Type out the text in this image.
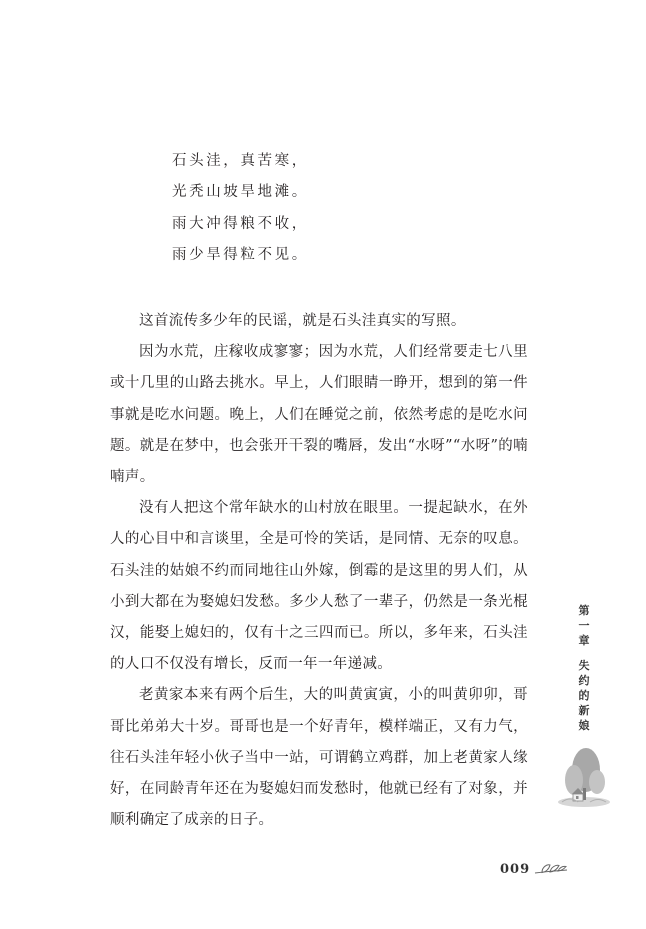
石头洼，真苦寒，
光秃山坡旱地滩。
雨大冲得粮不收，
雨少旱得粒不见。

这首流传多少年的民谣，就是石头洼真实的写照。

因为水荒，庄稼收成寥寥；因为水荒，人们经常要走七八里或十几里的山路去挑水。早上，人们眼睛一睁开，想到的第一件事就是吃水问题。晚上，人们在睡觉之前，依然考虑的是吃水问题。就是在梦中，也会张开干裂的嘴唇，发出“水呀”“水呀”的喃喃声。

没有人把这个常年缺水的山村放在眼里。一提起缺水，在外人的心目中和言谈里，全是可怜的笑话，是同情、无奈的叹息。石头洼的姑娘不约而同地往山外嫁，倒霉的是这里的男人们，从小到大都在为娶媳妇发愁。多少人愁了一辈子，仍然是一条光棍汉，能娶上媳妇的，仅有十之三四而已。所以，多年来，石头洼的人口不仅没有增长，反而一年一年递减。

老黄家本来有两个后生，大的叫黄寅寅，小的叫黄卯卯，哥哥比弟弟大十岁。哥哥也是一个好青年，模样端正，又有力气，往石头洼年轻小伙子当中一站，可谓鹤立鸡群，加上老黄家人缘好，在同龄青年还在为娶媳妇而发愁时，他就已经有了对象，并顺利确定了成亲的日子。

第
一
章
失
约
的
新
娘
009
